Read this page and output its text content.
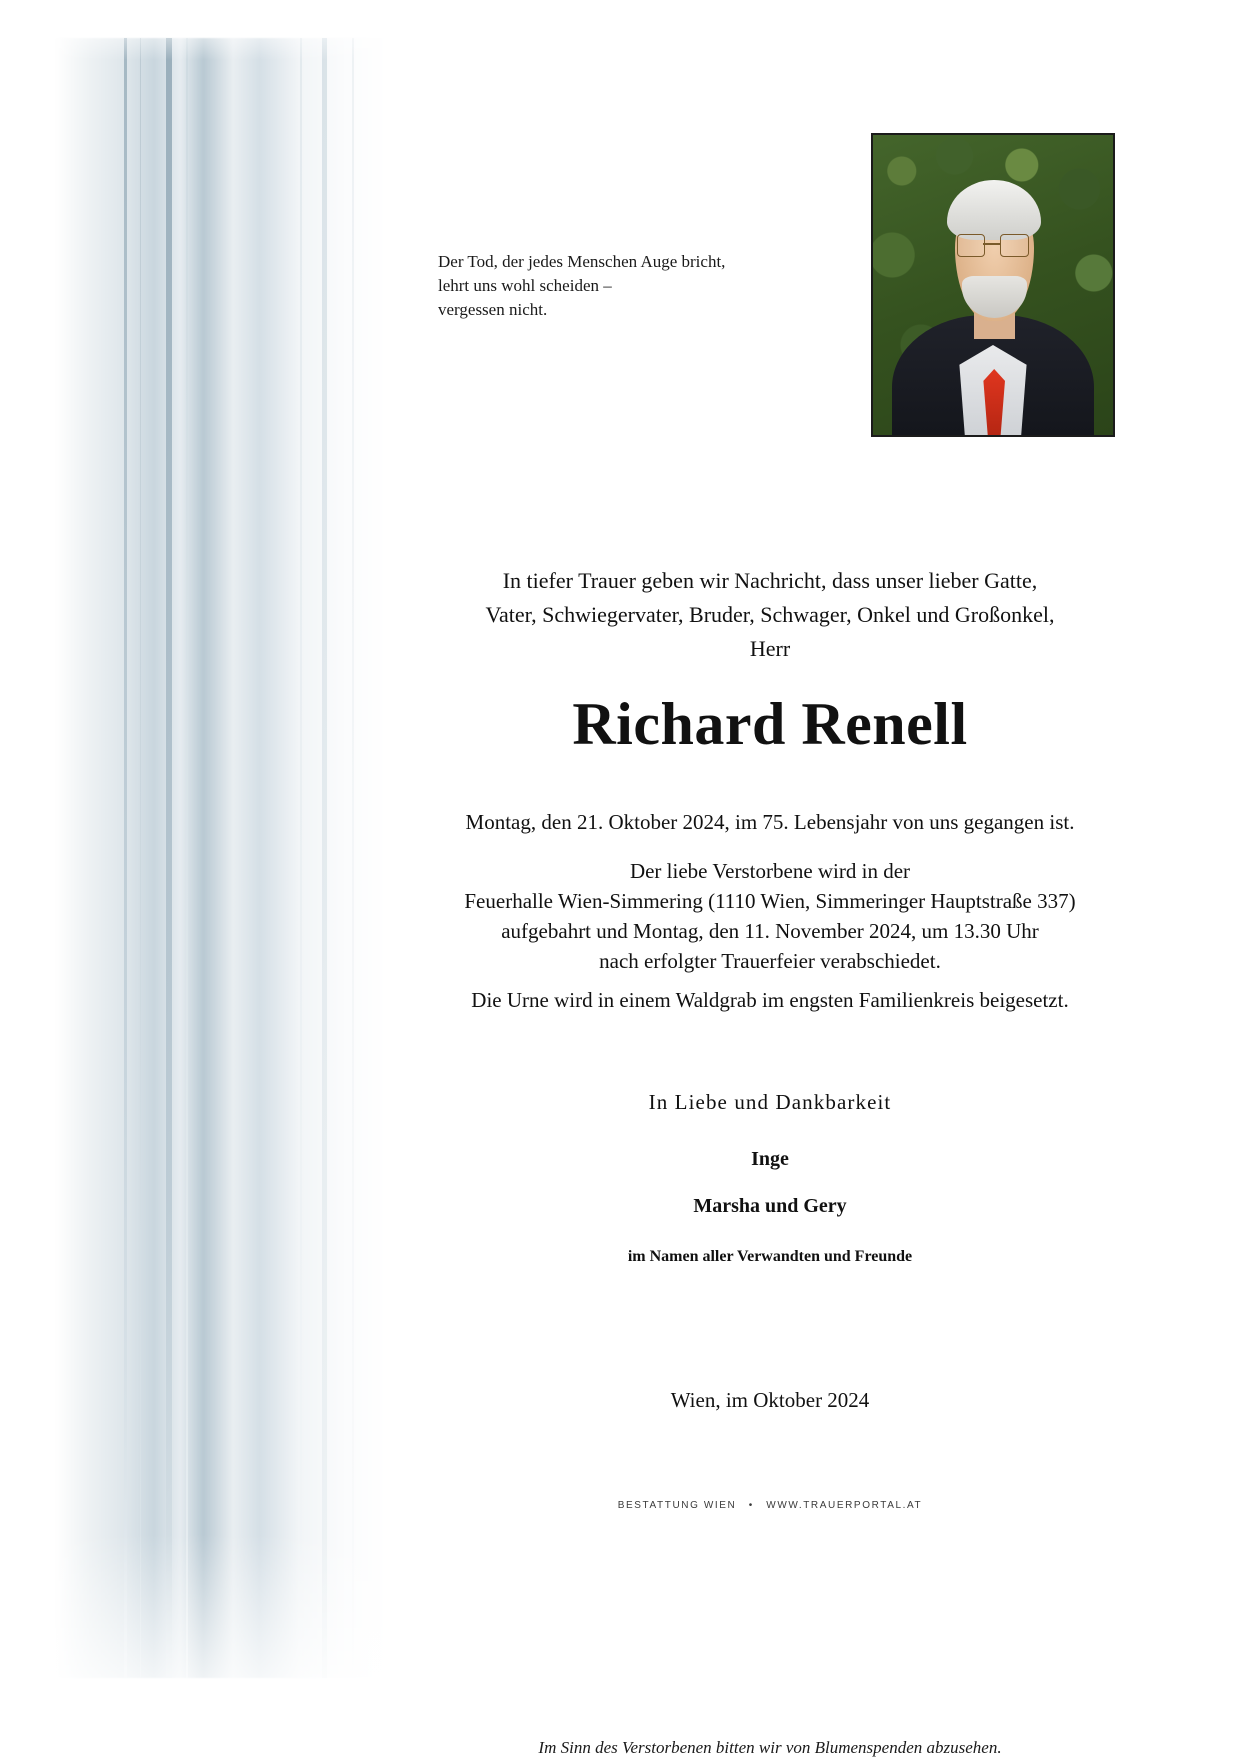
Der Tod, der jedes Menschen Auge bricht,
lehrt uns wohl scheiden –
vergessen nicht.
In tiefer Trauer geben wir Nachricht, dass unser lieber Gatte,
Vater, Schwiegervater, Bruder, Schwager, Onkel und Großonkel,
Herr
Richard Renell
Montag, den 21. Oktober 2024, im 75. Lebensjahr von uns gegangen ist.
Der liebe Verstorbene wird in der
Feuerhalle Wien-Simmering (1110 Wien, Simmeringer Hauptstraße 337)
aufgebahrt und Montag, den 11. November 2024, um 13.30 Uhr
nach erfolgter Trauerfeier verabschiedet.
Die Urne wird in einem Waldgrab im engsten Familienkreis beigesetzt.
In Liebe und Dankbarkeit
Inge
Marsha und Gery
im Namen aller Verwandten und Freunde
Wien, im Oktober 2024
BESTATTUNG WIEN • WWW.TRAUERPORTAL.AT
Im Sinn des Verstorbenen bitten wir von Blumenspenden abzusehen.
